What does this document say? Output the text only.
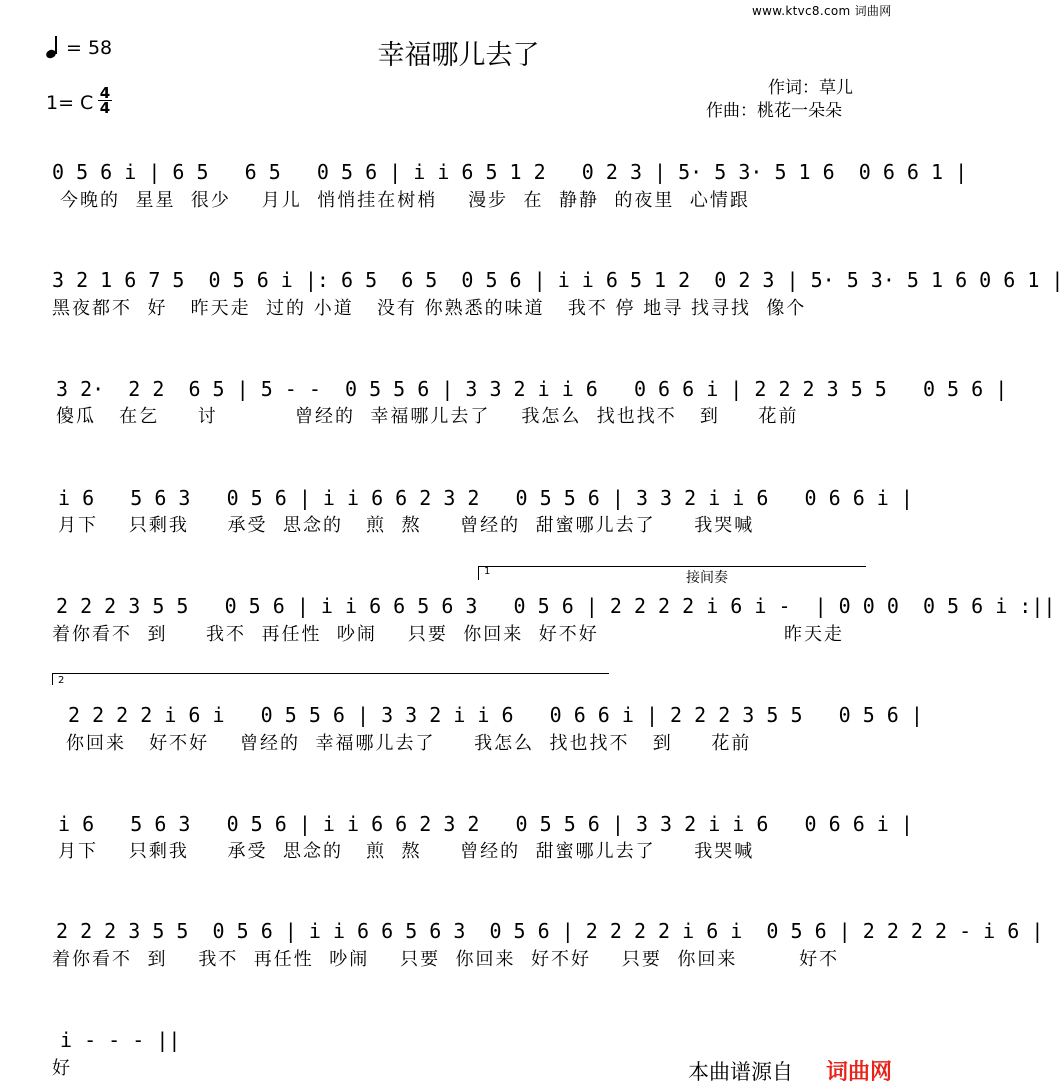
www.ktvc8.com 词曲网
= 58
1= C 4
4
幸福哪儿去了
作词：草儿
作曲：桃花一朵朵
0 5 6 i | 6 5   6 5   0 5 6 | i i 6 5 1 2   0 2 3 | 5· 5 3· 5 1 6  0 6 6 1 |
今晚的  星星  很少    月儿  悄悄挂在树梢    漫步  在  静静  的夜里  心情跟
3 2 1 6 7 5  0 5 6 i |: 6 5  6 5  0 5 6 | i i 6 5 1 2  0 2 3 | 5· 5 3· 5 1 6 0 6 1 |
黑夜都不  好   昨天走  过的 小道   没有 你熟悉的味道   我不 停 地寻 找寻找  像个
3 2·  2 2  6 5 | 5 - -  0 5 5 6 | 3 3 2 i i 6   0 6 6 i | 2 2 2 3 5 5   0 5 6 |
傻瓜   在乞     讨          曾经的  幸福哪儿去了    我怎么  找也找不   到     花前
i 6   5 6 3   0 5 6 | i i 6 6 2 3 2   0 5 5 6 | 3 3 2 i i 6   0 6 6 i |
月下    只剩我     承受  思念的   煎  熬     曾经的  甜蜜哪儿去了     我哭喊
1	接间奏
2 2 2 3 5 5   0 5 6 | i i 6 6 5 6 3   0 5 6 | 2 2 2 2 i 6 i -  | 0 0 0  0 5 6 i :||
着你看不  到     我不  再任性  吵闹    只要  你回来  好不好                        昨天走
2
2 2 2 2 i 6 i   0 5 5 6 | 3 3 2 i i 6   0 6 6 i | 2 2 2 3 5 5   0 5 6 |
你回来   好不好    曾经的  幸福哪儿去了     我怎么  找也找不   到     花前
i 6   5 6 3   0 5 6 | i i 6 6 2 3 2   0 5 5 6 | 3 3 2 i i 6   0 6 6 i |
月下    只剩我     承受  思念的   煎  熬     曾经的  甜蜜哪儿去了     我哭喊
2 2 2 3 5 5  0 5 6 | i i 6 6 5 6 3  0 5 6 | 2 2 2 2 i 6 i  0 5 6 | 2 2 2 2 - i 6 |
着你看不  到    我不  再任性  吵闹    只要  你回来  好不好    只要  你回来        好不
i - - - ||
好	本曲谱源自 词曲网
